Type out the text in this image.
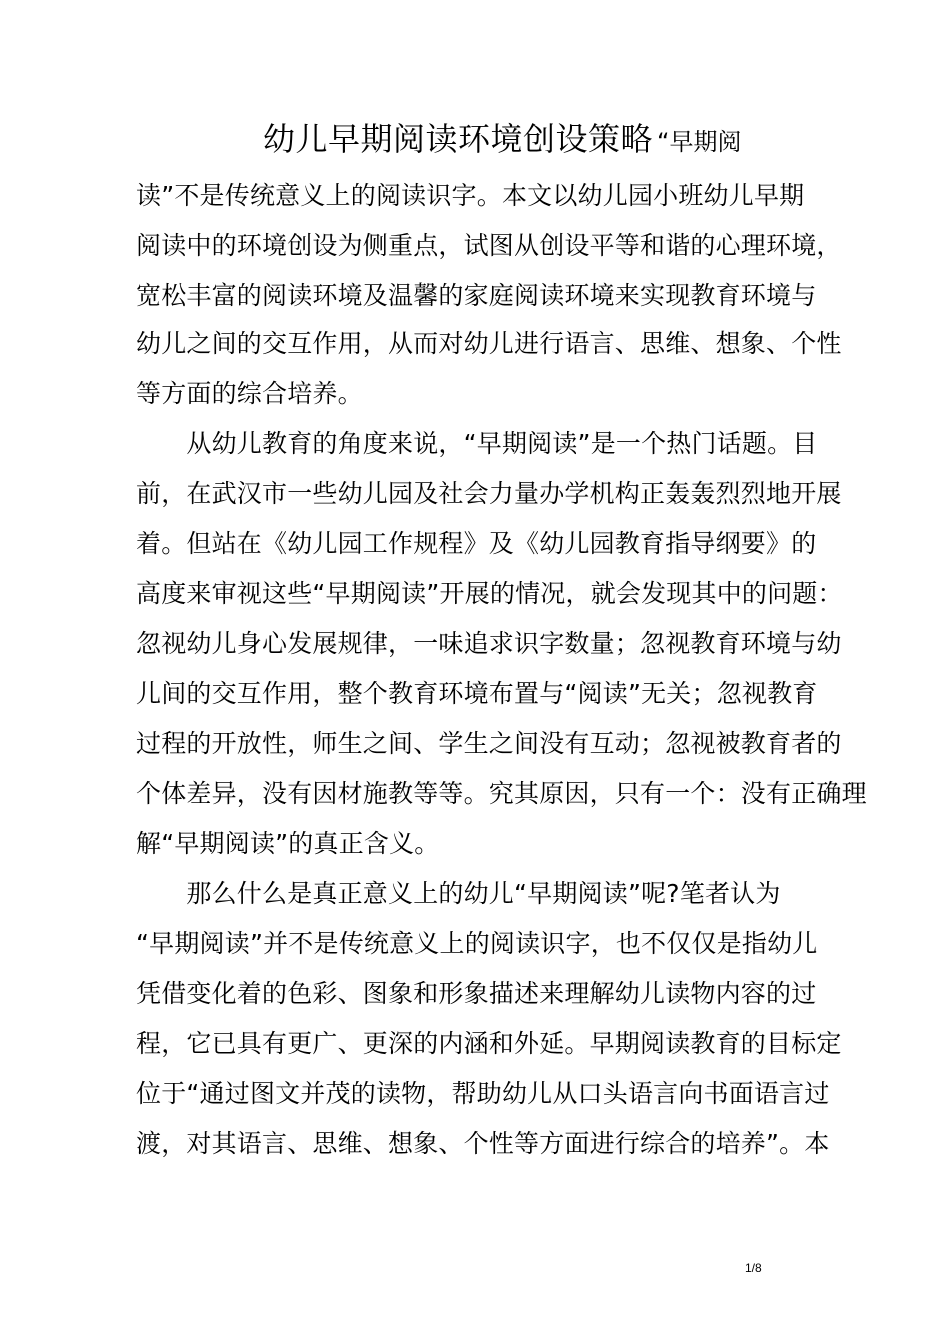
幼儿早期阅读环境创设策略 “早期阅
读”不是传统意义上的阅读识字。本文以幼儿园小班幼儿早期
阅读中的环境创设为侧重点，试图从创设平等和谐的心理环境，
宽松丰富的阅读环境及温馨的家庭阅读环境来实现教育环境与
幼儿之间的交互作用，从而对幼儿进行语言、思维、想象、个性
等方面的综合培养。
　　从幼儿教育的角度来说，“早期阅读”是一个热门话题。目
前，在武汉市一些幼儿园及社会力量办学机构正轰轰烈烈地开展
着。但站在《幼儿园工作规程》及《幼儿园教育指导纲要》的
高度来审视这些“早期阅读”开展的情况，就会发现其中的问题：
忽视幼儿身心发展规律，一味追求识字数量；忽视教育环境与幼
儿间的交互作用，整个教育环境布置与“阅读”无关；忽视教育
过程的开放性，师生之间、学生之间没有互动；忽视被教育者的
个体差异，没有因材施教等等。究其原因，只有一个：没有正确理
解“早期阅读”的真正含义。
　　那么什么是真正意义上的幼儿“早期阅读”呢?笔者认为
“早期阅读”并不是传统意义上的阅读识字，也不仅仅是指幼儿
凭借变化着的色彩、图象和形象描述来理解幼儿读物内容的过
程，它已具有更广、更深的内涵和外延。早期阅读教育的目标定
位于“通过图文并茂的读物，帮助幼儿从口头语言向书面语言过
渡，对其语言、思维、想象、个性等方面进行综合的培养”。本
1/8
